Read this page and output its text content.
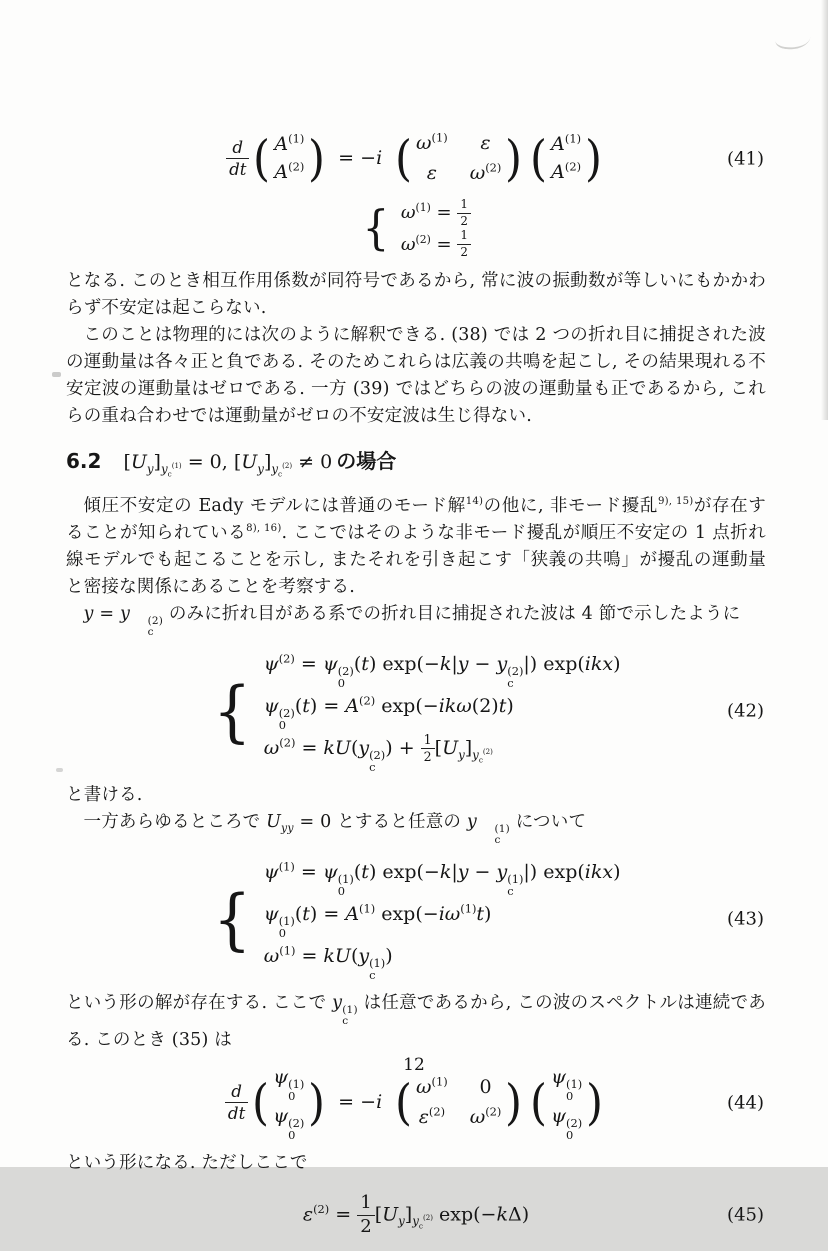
$\frac{d}{dt}$ ( $A^{(1)}$
$A^{(2)}$ ) = −i ( $\omega^{(1)}$	ε
ε	$\omega^{(2)}$ ) ( $A^{(1)}$
$A^{(2)}$ )	(41)
{ $\omega^{(1)} = \frac{1}{2}$
$\omega^{(2)} = \frac{1}{2}$

となる. このとき相互作用係数が同符号であるから, 常に波の振動数が等しいにもかかわらず不安定は起こらない.

このことは物理的には次のように解釈できる. (38) では 2 つの折れ目に捕捉された波の運動量は各々正と負である. そのためこれらは広義の共鳴を起こし, その結果現れる不安定波の運動量はゼロである. 一方 (39) ではどちらの波の運動量も正であるから, これらの重ね合わせでは運動量がゼロの不安定波は生じ得ない.

6.2 $[U_y]_{y_c^{(1)}} = 0$, $[U_y]_{y_c^{(2)}} \ne 0$ の場合

傾圧不安定の Eady モデルには普通のモード解$^{14)}$の他に, 非モード擾乱$^{9), 15)}$が存在することが知られている$^{8), 16)}$. ここではそのような非モード擾乱が順圧不安定の 1 点折れ線モデルでも起こることを示し, またそれを引き起こす「狭義の共鳴」が擾乱の運動量と密接な関係にあることを考察する.

y = y	(2)
c
のみに折れ目がある系での折れ目に捕捉された波は 4 節で示したように

{
$\psi^{(2)} = \psi$ (2)
0
(t) exp(−k|y − y (2)
c
|) exp(ikx)
ψ (2)
0
$(t) = A^{(2)}$ exp(−ikω(2)t)
$\omega^{(2)} = kU(y$ (2)
c
) + $\frac{1}{2} [U_y]_{y_c^{(2)}}$
(42)

と書ける.

一方あらゆるところで $U_{yy} = 0$ とすると任意の y	(1)
c
について

{
$\psi^{(1)} = \psi$ (1)
0
(t) exp(−k|y − y (1)
c
|) exp(ikx)
ψ (1)
0
$(t) = A^{(1)}$ $\exp(-i\omega^{(1)}t)$
$\omega^{(1)} = kU(y$ (1)
c
)
(43)

という形の解が存在する. ここで y (1)
c
は任意であるから, この波のスペクトルは連続である. このとき (35) は

$\frac{d}{dt}$ ( ψ (1)
0
ψ (2)
0
) = −i ( $\omega^{(1)}$	0
$\varepsilon^{(2)}$ $\omega^{(2)}$ ) ( ψ (1)
0
ψ (2)
0
)	(44)

という形になる. ただしここで

$\varepsilon^{(2)} = \frac{1}{2} [U_y]_{y_c^{(2)}}$ exp(−kΔ)	(45)
12
